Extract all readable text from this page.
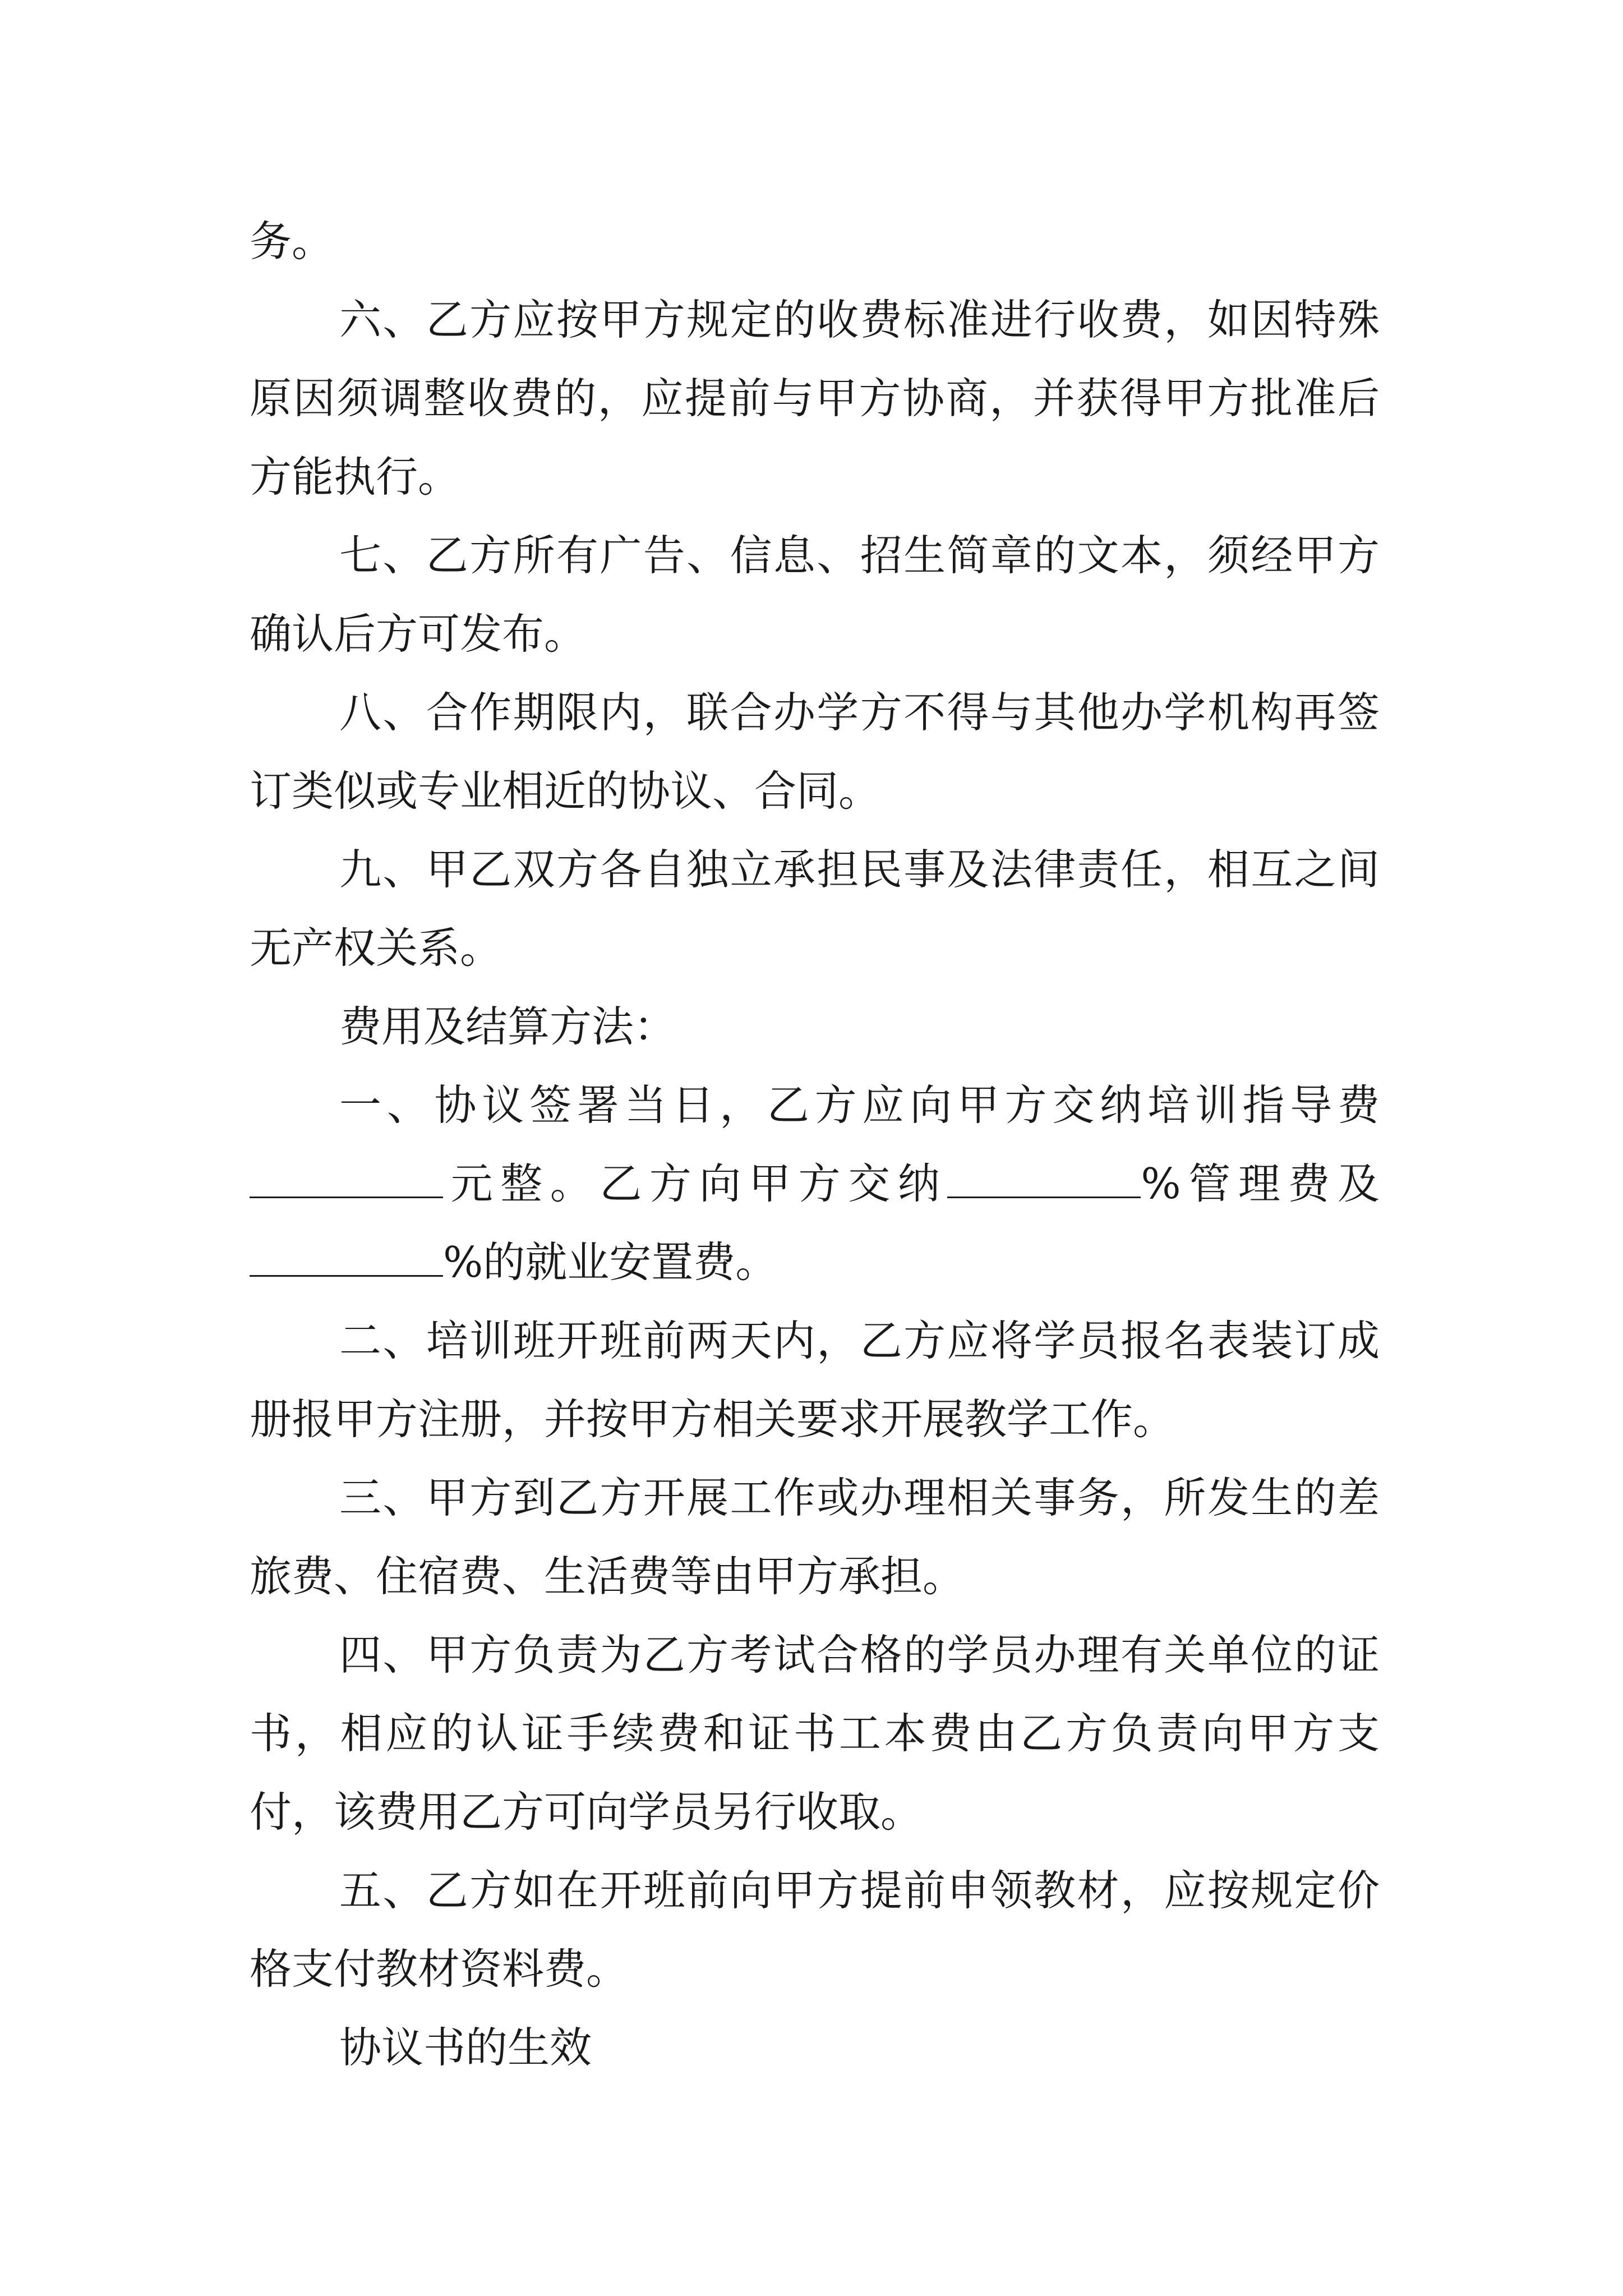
务。

六、乙方应按甲方规定的收费标准进行收费，如因特殊原因须调整收费的，应提前与甲方协商，并获得甲方批准后方能执行。

七、乙方所有广告、信息、招生简章的文本，须经甲方确认后方可发布。

八、合作期限内，联合办学方不得与其他办学机构再签订类似或专业相近的协议、合同。

九、甲乙双方各自独立承担民事及法律责任，相互之间无产权关系。

费用及结算方法：

一、协议签署当日，乙方应向甲方交纳培训指导费元整。乙方向甲方交纳	%管理费及%的就业安置费。

二、培训班开班前两天内，乙方应将学员报名表装订成册报甲方注册，并按甲方相关要求开展教学工作。

三、甲方到乙方开展工作或办理相关事务，所发生的差旅费、住宿费、生活费等由甲方承担。

四、甲方负责为乙方考试合格的学员办理有关单位的证书，相应的认证手续费和证书工本费由乙方负责向甲方支付，该费用乙方可向学员另行收取。

五、乙方如在开班前向甲方提前申领教材，应按规定价格支付教材资料费。

协议书的生效
